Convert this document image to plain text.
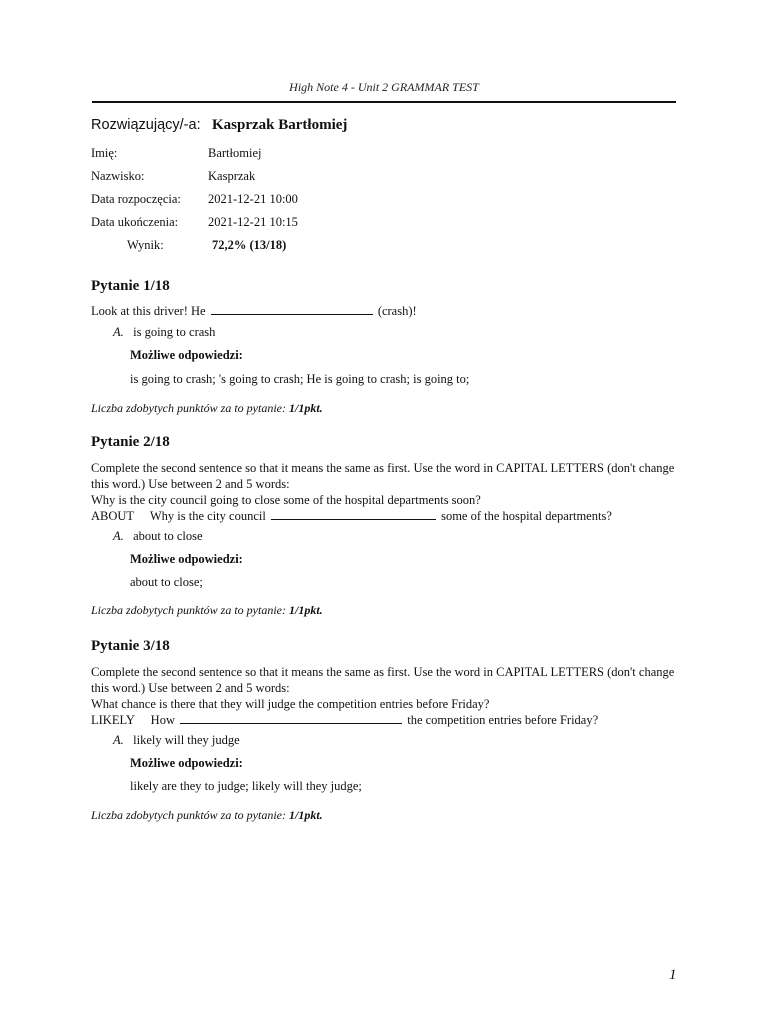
High Note 4 - Unit 2 GRAMMAR TEST
Rozwiązujący/-a: Kasprzak Bartłomiej
Imię:	Bartłomiej
Nazwisko:	Kasprzak
Data rozpoczęcia: 2021-12-21 10:00
Data ukończenia: 2021-12-21 10:15
Wynik:	72,2% (13/18)
Pytanie 1/18
Look at this driver! He	(crash)!
A. is going to crash
Możliwe odpowiedzi:
is going to crash; 's going to crash; He is going to crash; is going to;
Liczba zdobytych punktów za to pytanie: 1/1pkt.
Pytanie 2/18
Complete the second sentence so that it means the same as first. Use the word in CAPITAL LETTERS (don't change this word.) Use between 2 and 5 words:
Why is the city council going to close some of the hospital departments soon?
ABOUT Why is the city council	some of the hospital departments?
A. about to close
Możliwe odpowiedzi:
about to close;
Liczba zdobytych punktów za to pytanie: 1/1pkt.
Pytanie 3/18
Complete the second sentence so that it means the same as first. Use the word in CAPITAL LETTERS (don't change this word.) Use between 2 and 5 words:
What chance is there that they will judge the competition entries before Friday?
LIKELY How	the competition entries before Friday?
A. likely will they judge
Możliwe odpowiedzi:
likely are they to judge; likely will they judge;
Liczba zdobytych punktów za to pytanie: 1/1pkt.
1
